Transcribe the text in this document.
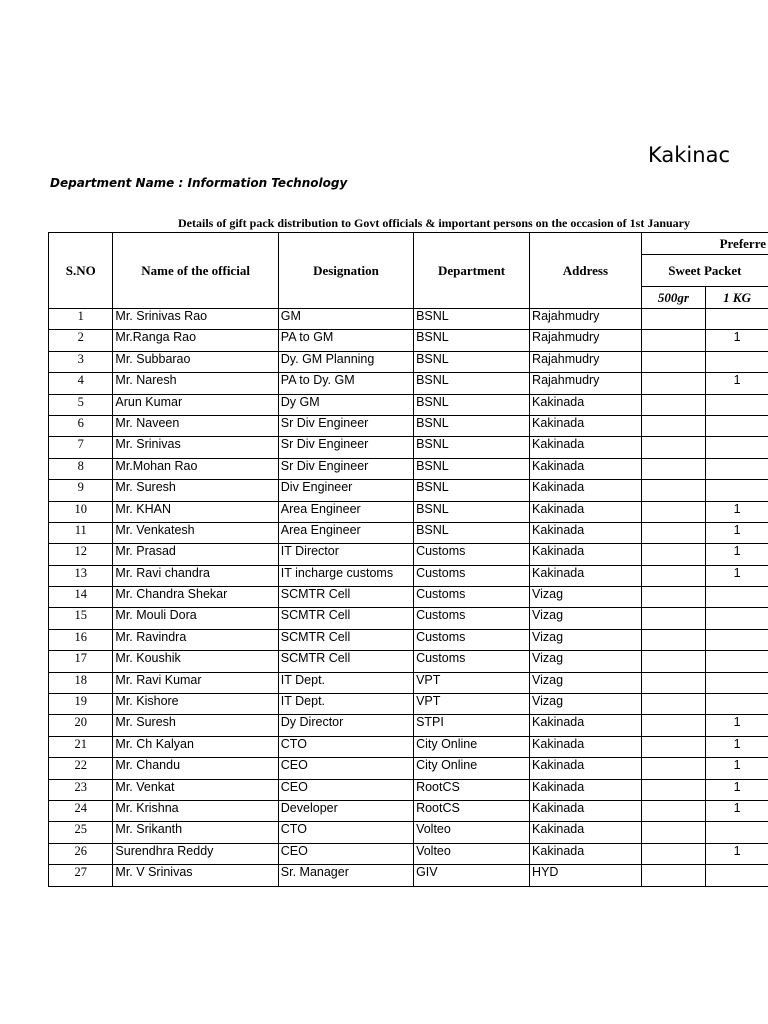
Kakinac
Department Name : Information Technology
Details of gift pack distribution to Govt officials & important persons on the occasion of 1st January
S.NO	Name of the official	Designation	Department	Address	Preferre	
					Sweet Packet	
					500gr	1 KG
1	Mr. Srinivas Rao	GM	BSNL	Rajahmudry		
2	Mr.Ranga Rao	PA to GM	BSNL	Rajahmudry		1
3	Mr. Subbarao	Dy. GM Planning	BSNL	Rajahmudry		
4	Mr. Naresh	PA to Dy. GM	BSNL	Rajahmudry		1
5	Arun Kumar	Dy GM	BSNL	Kakinada		
6	Mr. Naveen	Sr Div Engineer	BSNL	Kakinada		
7	Mr. Srinivas	Sr Div Engineer	BSNL	Kakinada		
8	Mr.Mohan Rao	Sr Div Engineer	BSNL	Kakinada		
9	Mr. Suresh	Div Engineer	BSNL	Kakinada		
10	Mr. KHAN	Area Engineer	BSNL	Kakinada		1
11	Mr. Venkatesh	Area Engineer	BSNL	Kakinada		1
12	Mr. Prasad	IT Director	Customs	Kakinada		1
13	Mr. Ravi chandra	IT incharge customs	Customs	Kakinada		1
14	Mr. Chandra Shekar	SCMTR Cell	Customs	Vizag		
15	Mr. Mouli Dora	SCMTR Cell	Customs	Vizag		
16	Mr. Ravindra	SCMTR Cell	Customs	Vizag		
17	Mr. Koushik	SCMTR Cell	Customs	Vizag		
18	Mr. Ravi Kumar	IT Dept.	VPT	Vizag		
19	Mr. Kishore	IT Dept.	VPT	Vizag		
20	Mr. Suresh	Dy Director	STPI	Kakinada		1
21	Mr. Ch Kalyan	CTO	City Online	Kakinada		1
22	Mr. Chandu	CEO	City Online	Kakinada		1
23	Mr. Venkat	CEO	RootCS	Kakinada		1
24	Mr. Krishna	Developer	RootCS	Kakinada		1
25	Mr. Srikanth	CTO	Volteo	Kakinada		
26	Surendhra Reddy	CEO	Volteo	Kakinada		1
27	Mr. V Srinivas	Sr. Manager	GIV	HYD		
